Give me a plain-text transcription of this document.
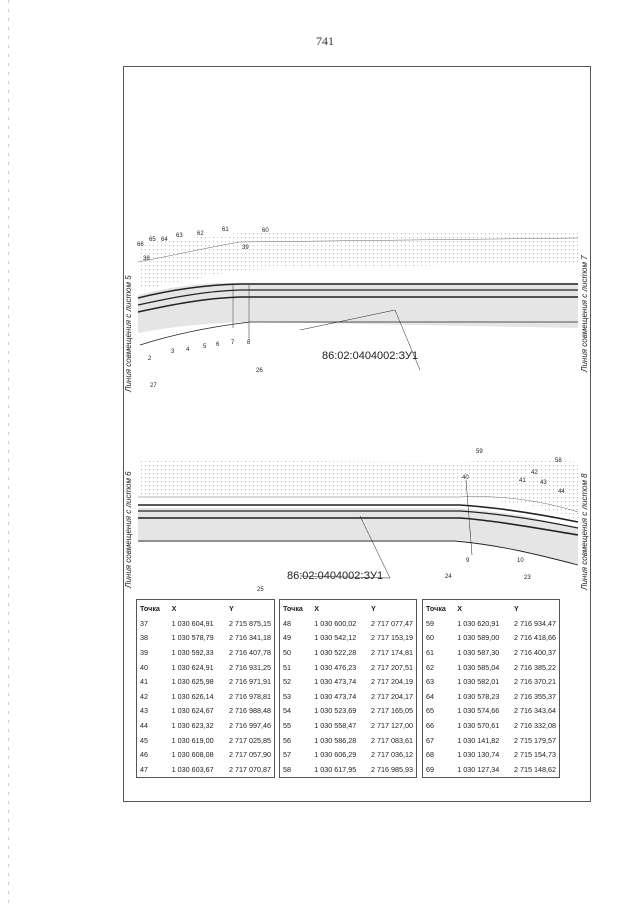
741
66
65 64
63 62
61	60
39
38
2
3 4 5 6 7 8
27
26
86:02:0404002:ЗУ1
Линия совмещения с листом 5	Линия совмещения с листом 7
59
40
42
41 43
44
58
9	10
24	23
25
86:02:0404002:ЗУ1
Линия совмещения с листом 6	Линия совмещения с листом 8
Точка	X	Y
37	1 030 604,91	2 715 875,15
38	1 030 578,79	2 716 341,18
39	1 030 592,33	2 716 407,78
40	1 030 624,91	2 716 931,25
41	1 030 625,98	2 716 971,91
42	1 030 626,14	2 716 978,81
43	1 030 624,67	2 716 988,48
44	1 030 623,32	2 716 997,46
45	1 030 619,00	2 717 025,85
46	1 030 608,08	2 717 057,90
47	1 030 603,67	2 717 070,87
Точка	X	Y
48	1 030 600,02	2 717 077,47
49	1 030 542,12	2 717 153,19
50	1 030 522,28	2 717 174,81
51	1 030 476,23	2 717 207,51
52	1 030 473,74	2 717 204,19
53	1 030 473,74	2 717 204,17
54	1 030 523,69	2 717 165,05
55	1 030 558,47	2 717 127,00
56	1 030 586,28	2 717 083,61
57	1 030 606,29	2 717 036,12
58	1 030 617,95	2 716 985,93
Точка	X	Y
59	1 030 620,91	2 716 934,47
60	1 030 589,00	2 716 418,66
61	1 030 587,30	2 716 400,37
62	1 030 585,04	2 716 385,22
63	1 030 582,01	2 716 370,21
64	1 030 578,23	2 716 355,37
65	1 030 574,66	2 716 343,64
66	1 030 570,61	2 716 332,08
67	1 030 141,82	2 715 179,57
68	1 030 130,74	2 715 154,73
69	1 030 127,34	2 715 148,62
